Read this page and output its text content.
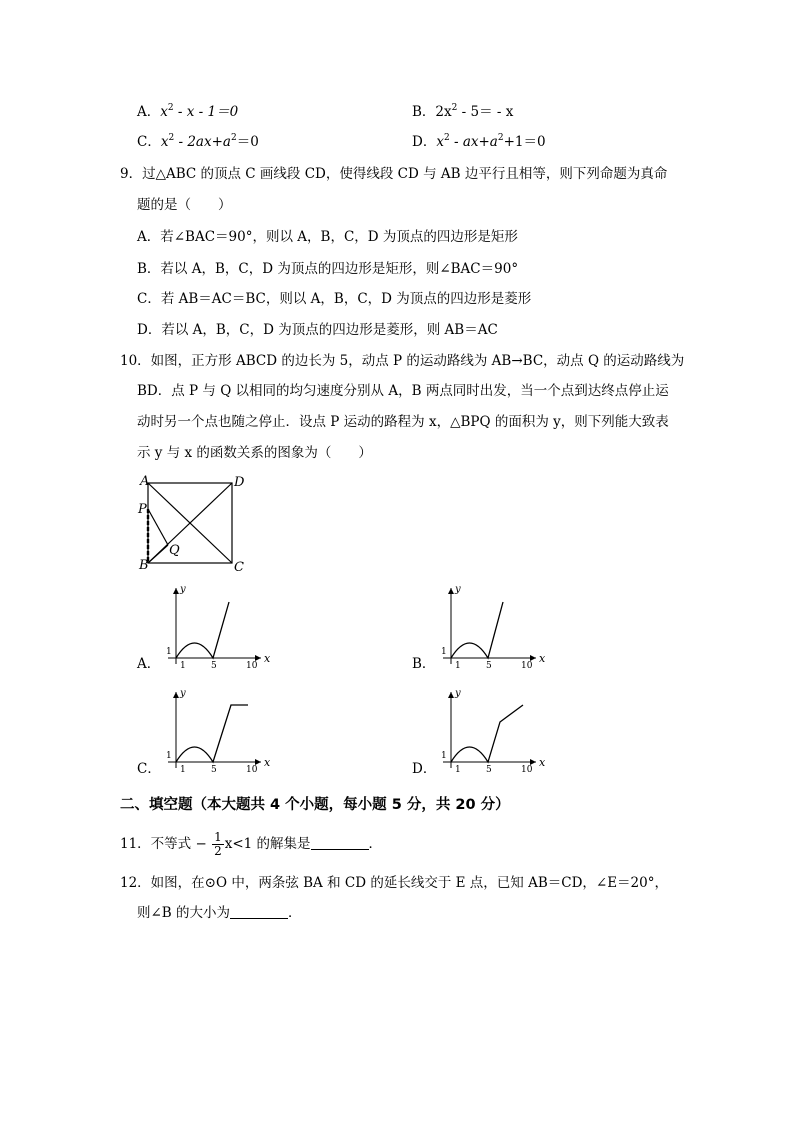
A．$x^2 - x - 1=0$	B．$2x^2 - 5= - x$
C．$x^2 - 2ax+a^2=0$	D．$x^2 - ax+a^2+1=0$
9．过△ABC 的顶点 C 画线段 CD，使得线段 CD 与 AB 边平行且相等，则下列命题为真命
题的是（　　）
A．若∠BAC＝90°，则以 A，B，C，D 为顶点的四边形是矩形
B．若以 A，B，C，D 为顶点的四边形是矩形，则∠BAC＝90°
C．若 AB＝AC＝BC，则以 A，B，C，D 为顶点的四边形是菱形
D．若以 A，B，C，D 为顶点的四边形是菱形，则 AB＝AC
10．如图，正方形 ABCD 的边长为 5，动点 P 的运动路线为 AB→BC，动点 Q 的运动路线为
BD．点 P 与 Q 以相同的均匀速度分别从 A，B 两点同时出发，当一个点到达终点停止运
动时另一个点也随之停止．设点 P 运动的路程为 x，△BPQ 的面积为 y，则下列能大致表
示 y 与 x 的函数关系的图象为（　　）
A	D
B	C
P
Q
A．	B．
C．	D．
y
x
1
1	5	10
y
x
1
1	5	10
y
x
1
1	5	10
y
x
1
1	5	10
二、填空题（本大题共 4 个小题，每小题 5 分，共 20 分）
11．不等式 − $\frac{1}{2} x<1$ 的解集是	．
12．如图，在⊙O 中，两条弦 BA 和 CD 的延长线交于 E 点，已知 AB＝CD，∠E＝20°，
则∠B 的大小为	．
